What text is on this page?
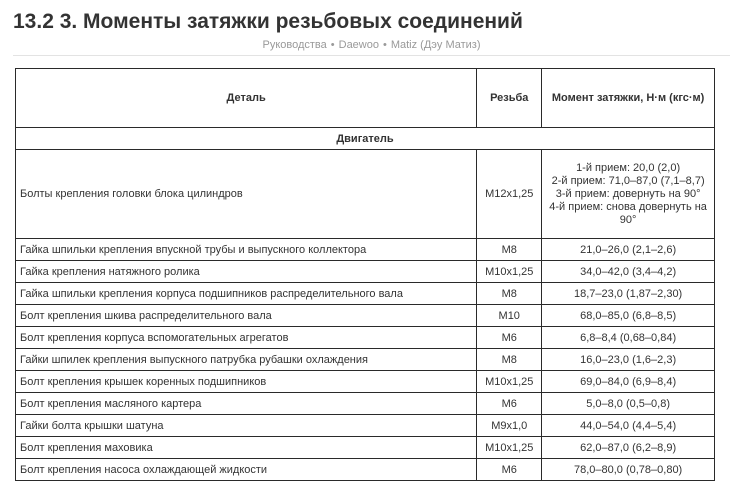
13.2 3. Моменты затяжки резьбовых соединений
Руководства • Daewoo • Matiz (Дэу Матиз)
Деталь	Резьба	Момент затяжки, Н·м (кгс·м)
Двигатель		
Болты крепления головки блока цилиндров	M12x1,25	1-й прием: 20,0 (2,0)
2-й прием: 71,0–87,0 (7,1–8,7)
3-й прием: довернуть на 90°
4-й прием: снова довернуть на 90°

Гайка шпильки крепления впускной трубы и выпускного коллектора	M8	21,0–26,0 (2,1–2,6)
Гайка крепления натяжного ролика	M10x1,25	34,0–42,0 (3,4–4,2)
Гайка шпильки крепления корпуса подшипников распределительного вала	M8	18,7–23,0 (1,87–2,30)
Болт крепления шкива распределительного вала	M10	68,0–85,0 (6,8–8,5)
Болт крепления корпуса вспомогательных агрегатов	M6	6,8–8,4 (0,68–0,84)
Гайки шпилек крепления выпускного патрубка рубашки охлаждения	M8	16,0–23,0 (1,6–2,3)
Болт крепления крышек коренных подшипников	M10x1,25	69,0–84,0 (6,9–8,4)
Болт крепления масляного картера	M6	5,0–8,0 (0,5–0,8)
Гайки болта крышки шатуна	M9x1,0	44,0–54,0 (4,4–5,4)
Болт крепления маховика	M10x1,25	62,0–87,0 (6,2–8,9)
Болт крепления насоса охлаждающей жидкости	M6	78,0–80,0 (0,78–0,80)
